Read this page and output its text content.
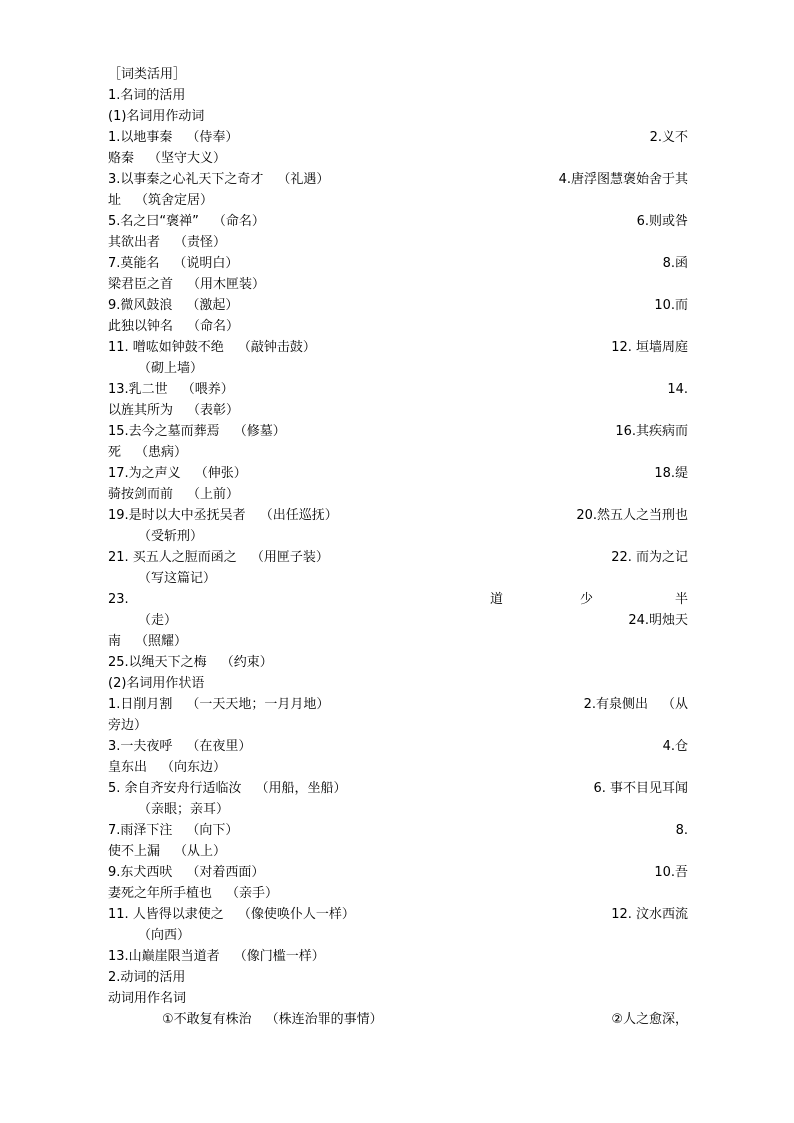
［词类活用］
1.名词的活用
(1)名词用作动词
1.以地事秦 （侍奉）	2.义不
赂秦 （坚守大义）
3.以事秦之心礼天下之奇才 （礼遇）	4.唐浮图慧褒始舍于其
址 （筑舍定居）
5.名之曰“褒禅” （命名）	6.则或咎
其欲出者 （责怪）
7.莫能名 （说明白）	8.函
梁君臣之首 （用木匣装）
9.微风鼓浪 （激起）	10.而
此独以钟名 （命名）
11. 噌吰如钟鼓不绝 （敲钟击鼓）	12. 垣墙周庭
（砌上墙）
13.乳二世 （喂养）	14.
以旌其所为 （表彰）
15.去今之墓而葬焉 （修墓）	16.其疾病而
死 （患病）
17.为之声义 （伸张）	18.缇
骑按剑而前 （上前）
19.是时以大中丞抚吴者 （出任巡抚）	20.然五人之当刑也
（受斩刑）
21. 买五人之脰而函之 （用匣子装）	22. 而为之记
（写这篇记）
23.	道	少	半
（走）	24.明烛天
南 （照耀）
25.以绳天下之梅 （约束）
(2)名词用作状语
1.日削月割 （一天天地；一月月地）	2.有泉侧出 （从
旁边）
3.一夫夜呼 （在夜里）	4.仓
皇东出 （向东边）
5. 余自齐安舟行适临汝 （用船，坐船）	6. 事不目见耳闻
（亲眼；亲耳）
7.雨泽下注 （向下）	8.
使不上漏 （从上）
9.东犬西吠 （对着西面）	10.吾
妻死之年所手植也 （亲手）
11. 人皆得以隶使之 （像使唤仆人一样）	12. 汶水西流
（向西）
13.山巅崖限当道者 （像门槛一样）
2.动词的活用
动词用作名词
①不敢复有株治 （株连治罪的事情）	②人之愈深，
